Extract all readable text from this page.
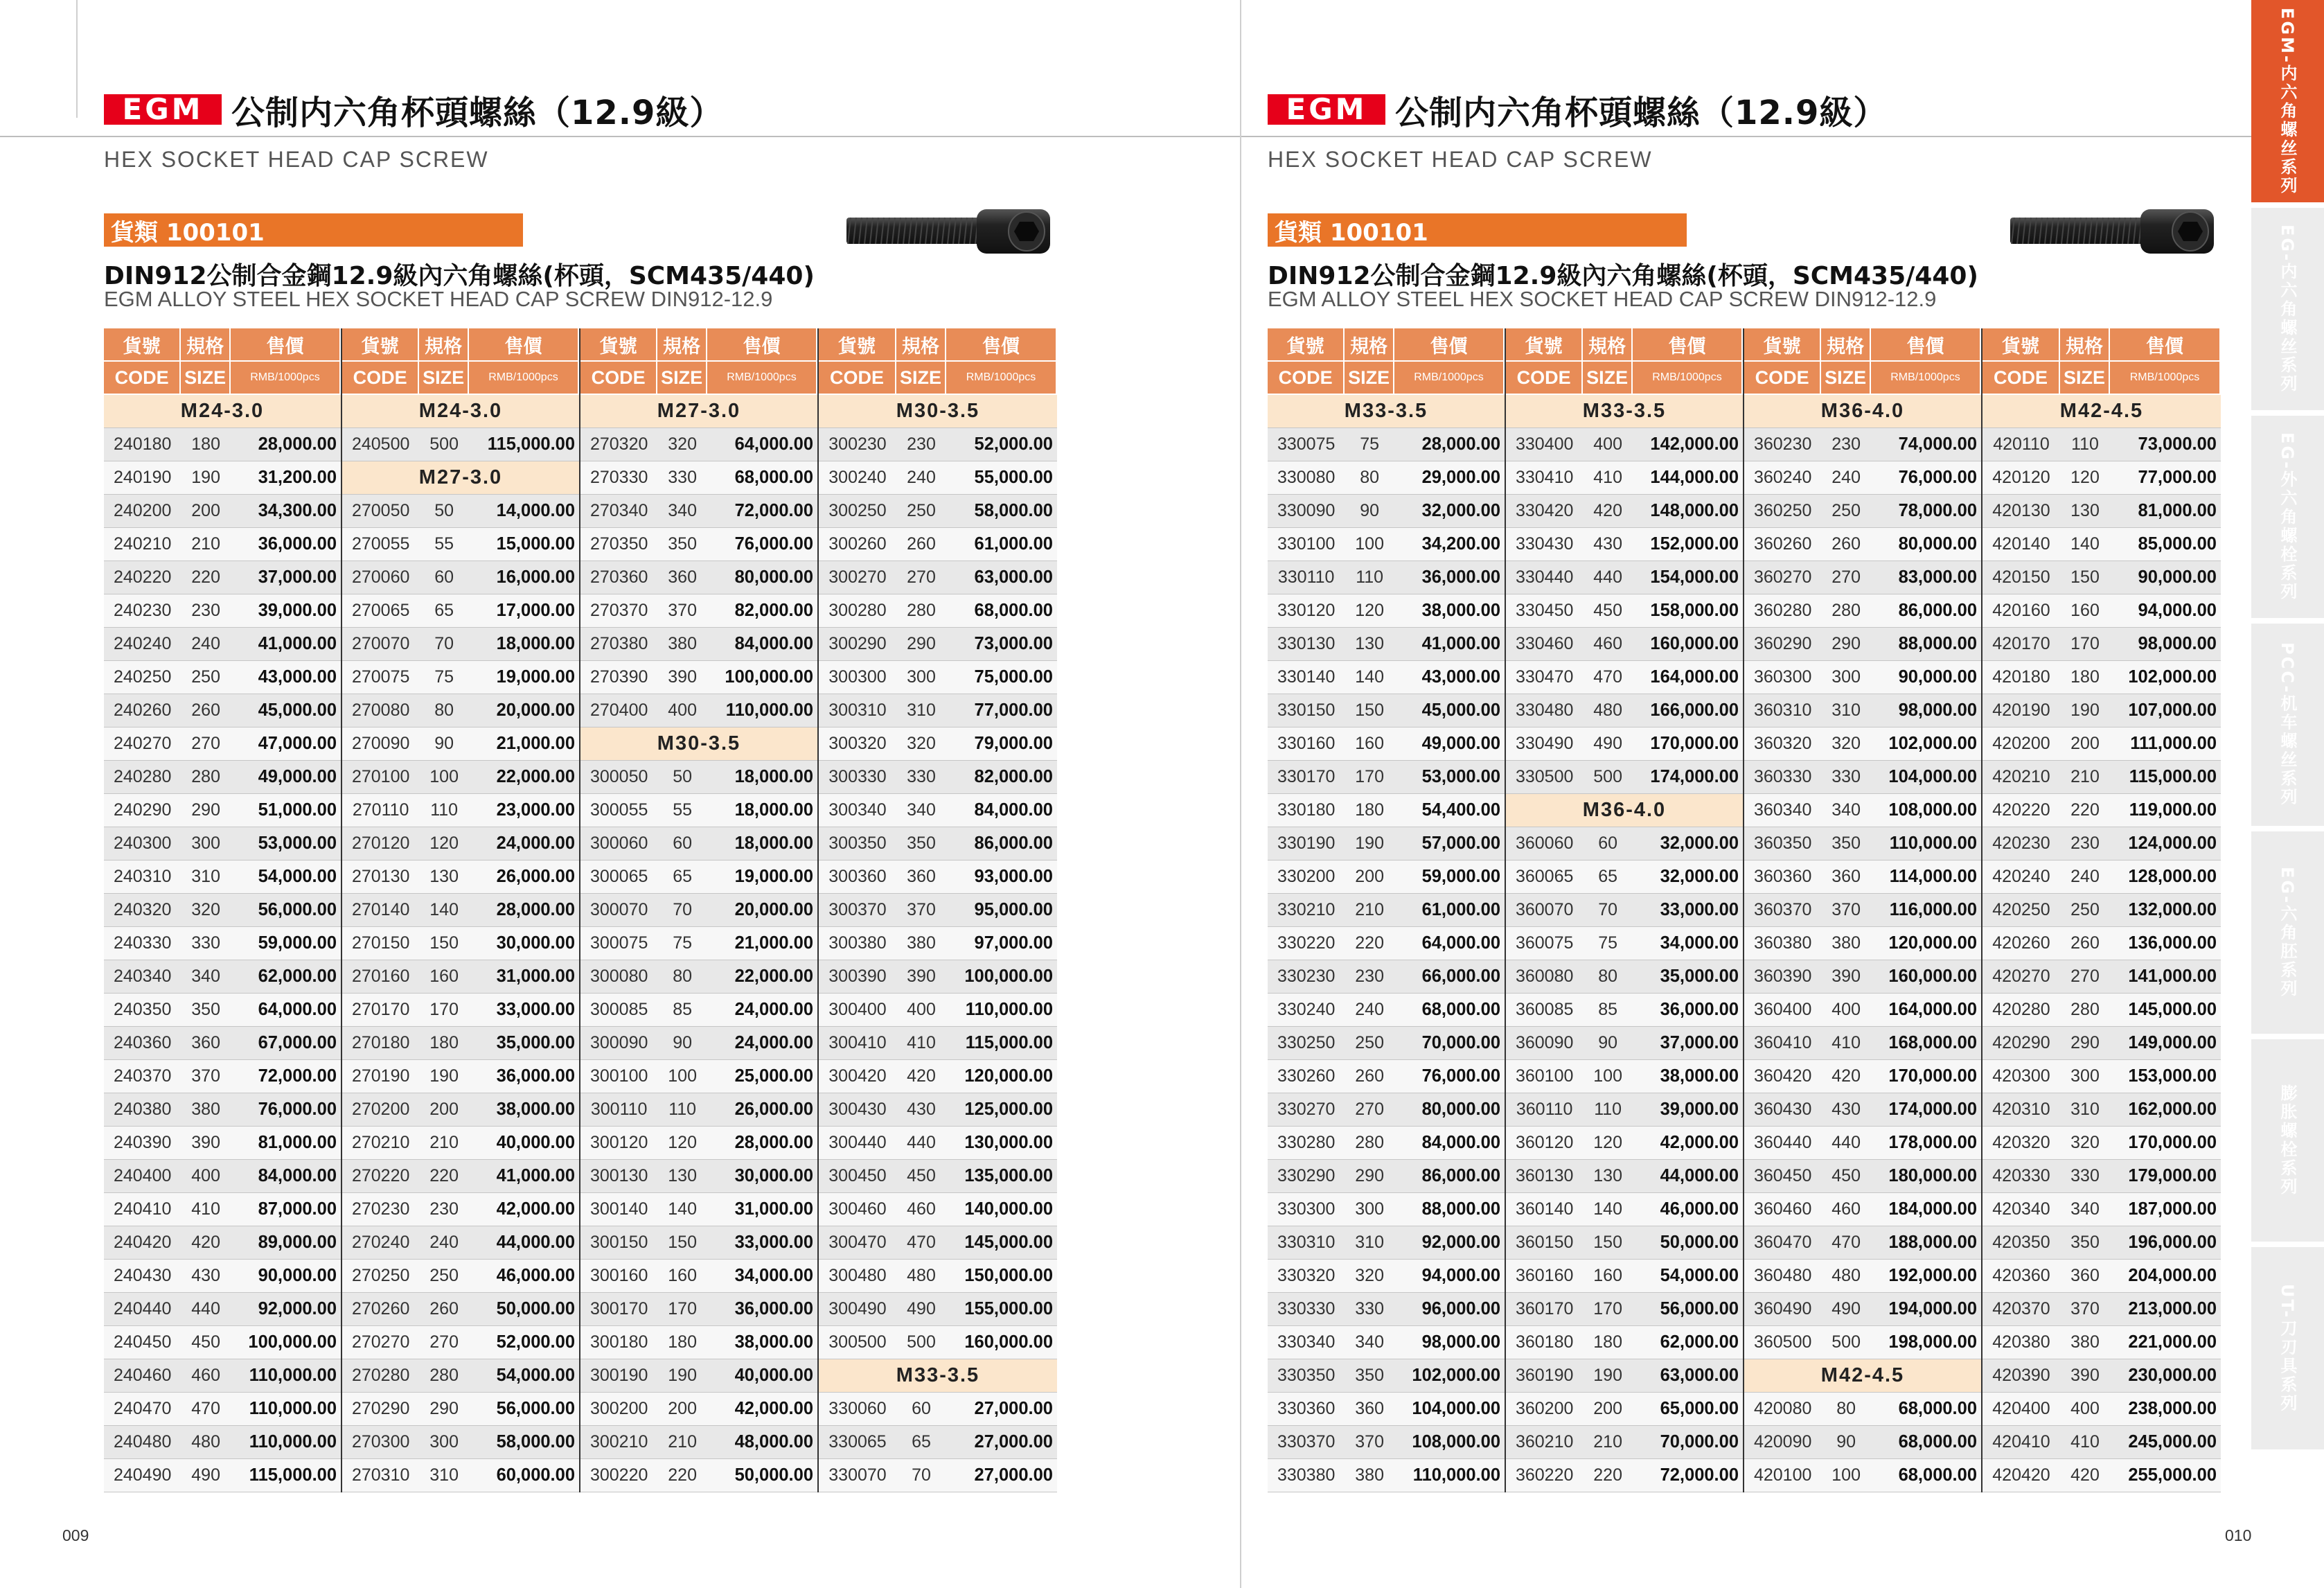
EGM 公制内六角杯頭螺絲（12.9級）
HEX SOCKET HEAD CAP SCREW
貨類 100101
DIN912公制合金鋼12.9級內六角螺絲(杯頭，SCM435/440)
EGM ALLOY STEEL HEX SOCKET HEAD CAP SCREW DIN912-12.9
貨號	規格	售價
CODE SIZE	RMB/1000pcs
M24-3.0
240180	180	28,000.00
240190	190	31,200.00
240200	200	34,300.00
240210	210	36,000.00
240220	220	37,000.00
240230	230	39,000.00
240240	240	41,000.00
240250	250	43,000.00
240260	260	45,000.00
240270	270	47,000.00
240280	280	49,000.00
240290	290	51,000.00
240300	300	53,000.00
240310	310	54,000.00
240320	320	56,000.00
240330	330	59,000.00
240340	340	62,000.00
240350	350	64,000.00
240360	360	67,000.00
240370	370	72,000.00
240380	380	76,000.00
240390	390	81,000.00
240400	400	84,000.00
240410	410	87,000.00
240420	420	89,000.00
240430	430	90,000.00
240440	440	92,000.00
240450	450	100,000.00
240460	460	110,000.00
240470	470	110,000.00
240480	480	110,000.00
240490	490	115,000.00
貨號	規格	售價
CODE SIZE	RMB/1000pcs
M24-3.0
240500	500	115,000.00
M27-3.0
270050	50	14,000.00
270055	55	15,000.00
270060	60	16,000.00
270065	65	17,000.00
270070	70	18,000.00
270075	75	19,000.00
270080	80	20,000.00
270090	90	21,000.00
270100	100	22,000.00
270110	110	23,000.00
270120	120	24,000.00
270130	130	26,000.00
270140	140	28,000.00
270150	150	30,000.00
270160	160	31,000.00
270170	170	33,000.00
270180	180	35,000.00
270190	190	36,000.00
270200	200	38,000.00
270210	210	40,000.00
270220	220	41,000.00
270230	230	42,000.00
270240	240	44,000.00
270250	250	46,000.00
270260	260	50,000.00
270270	270	52,000.00
270280	280	54,000.00
270290	290	56,000.00
270300	300	58,000.00
270310	310	60,000.00
貨號	規格	售價
CODE SIZE	RMB/1000pcs
M27-3.0
270320	320	64,000.00
270330	330	68,000.00
270340	340	72,000.00
270350	350	76,000.00
270360	360	80,000.00
270370	370	82,000.00
270380	380	84,000.00
270390	390	100,000.00
270400	400	110,000.00
M30-3.5
300050	50	18,000.00
300055	55	18,000.00
300060	60	18,000.00
300065	65	19,000.00
300070	70	20,000.00
300075	75	21,000.00
300080	80	22,000.00
300085	85	24,000.00
300090	90	24,000.00
300100	100	25,000.00
300110	110	26,000.00
300120	120	28,000.00
300130	130	30,000.00
300140	140	31,000.00
300150	150	33,000.00
300160	160	34,000.00
300170	170	36,000.00
300180	180	38,000.00
300190	190	40,000.00
300200	200	42,000.00
300210	210	48,000.00
300220	220	50,000.00
貨號	規格	售價
CODE SIZE	RMB/1000pcs
M30-3.5
300230	230	52,000.00
300240	240	55,000.00
300250	250	58,000.00
300260	260	61,000.00
300270	270	63,000.00
300280	280	68,000.00
300290	290	73,000.00
300300	300	75,000.00
300310	310	77,000.00
300320	320	79,000.00
300330	330	82,000.00
300340	340	84,000.00
300350	350	86,000.00
300360	360	93,000.00
300370	370	95,000.00
300380	380	97,000.00
300390	390	100,000.00
300400	400	110,000.00
300410	410	115,000.00
300420	420	120,000.00
300430	430	125,000.00
300440	440	130,000.00
300450	450	135,000.00
300460	460	140,000.00
300470	470	145,000.00
300480	480	150,000.00
300490	490	155,000.00
300500	500	160,000.00
M33-3.5
330060	60	27,000.00
330065	65	27,000.00
330070	70	27,000.00
009
EGM 公制内六角杯頭螺絲（12.9級）
HEX SOCKET HEAD CAP SCREW
貨類 100101
DIN912公制合金鋼12.9級內六角螺絲(杯頭，SCM435/440)
EGM ALLOY STEEL HEX SOCKET HEAD CAP SCREW DIN912-12.9
貨號	規格	售價
CODE SIZE	RMB/1000pcs
M33-3.5
330075	75	28,000.00
330080	80	29,000.00
330090	90	32,000.00
330100	100	34,200.00
330110	110	36,000.00
330120	120	38,000.00
330130	130	41,000.00
330140	140	43,000.00
330150	150	45,000.00
330160	160	49,000.00
330170	170	53,000.00
330180	180	54,400.00
330190	190	57,000.00
330200	200	59,000.00
330210	210	61,000.00
330220	220	64,000.00
330230	230	66,000.00
330240	240	68,000.00
330250	250	70,000.00
330260	260	76,000.00
330270	270	80,000.00
330280	280	84,000.00
330290	290	86,000.00
330300	300	88,000.00
330310	310	92,000.00
330320	320	94,000.00
330330	330	96,000.00
330340	340	98,000.00
330350	350	102,000.00
330360	360	104,000.00
330370	370	108,000.00
330380	380	110,000.00
貨號	規格	售價
CODE SIZE	RMB/1000pcs
M33-3.5
330400	400	142,000.00
330410	410	144,000.00
330420	420	148,000.00
330430	430	152,000.00
330440	440	154,000.00
330450	450	158,000.00
330460	460	160,000.00
330470	470	164,000.00
330480	480	166,000.00
330490	490	170,000.00
330500	500	174,000.00
M36-4.0
360060	60	32,000.00
360065	65	32,000.00
360070	70	33,000.00
360075	75	34,000.00
360080	80	35,000.00
360085	85	36,000.00
360090	90	37,000.00
360100	100	38,000.00
360110	110	39,000.00
360120	120	42,000.00
360130	130	44,000.00
360140	140	46,000.00
360150	150	50,000.00
360160	160	54,000.00
360170	170	56,000.00
360180	180	62,000.00
360190	190	63,000.00
360200	200	65,000.00
360210	210	70,000.00
360220	220	72,000.00
貨號	規格	售價
CODE SIZE	RMB/1000pcs
M36-4.0
360230	230	74,000.00
360240	240	76,000.00
360250	250	78,000.00
360260	260	80,000.00
360270	270	83,000.00
360280	280	86,000.00
360290	290	88,000.00
360300	300	90,000.00
360310	310	98,000.00
360320	320	102,000.00
360330	330	104,000.00
360340	340	108,000.00
360350	350	110,000.00
360360	360	114,000.00
360370	370	116,000.00
360380	380	120,000.00
360390	390	160,000.00
360400	400	164,000.00
360410	410	168,000.00
360420	420	170,000.00
360430	430	174,000.00
360440	440	178,000.00
360450	450	180,000.00
360460	460	184,000.00
360470	470	188,000.00
360480	480	192,000.00
360490	490	194,000.00
360500	500	198,000.00
M42-4.5
420080	80	68,000.00
420090	90	68,000.00
420100	100	68,000.00
貨號	規格	售價
CODE SIZE	RMB/1000pcs
M42-4.5
420110	110	73,000.00
420120	120	77,000.00
420130	130	81,000.00
420140	140	85,000.00
420150	150	90,000.00
420160	160	94,000.00
420170	170	98,000.00
420180	180	102,000.00
420190	190	107,000.00
420200	200	111,000.00
420210	210	115,000.00
420220	220	119,000.00
420230	230	124,000.00
420240	240	128,000.00
420250	250	132,000.00
420260	260	136,000.00
420270	270	141,000.00
420280	280	145,000.00
420290	290	149,000.00
420300	300	153,000.00
420310	310	162,000.00
420320	320	170,000.00
420330	330	179,000.00
420340	340	187,000.00
420350	350	196,000.00
420360	360	204,000.00
420370	370	213,000.00
420380	380	221,000.00
420390	390	230,000.00
420400	400	238,000.00
420410	410	245,000.00
420420	420	255,000.00
010
EGM-内六角螺丝系列
EG-内六角螺丝系列
EG-外六角螺栓系列
PCC-机车螺丝系列
EG-六角胚系列
膨胀螺栓系列
UT-刀刃具系列
